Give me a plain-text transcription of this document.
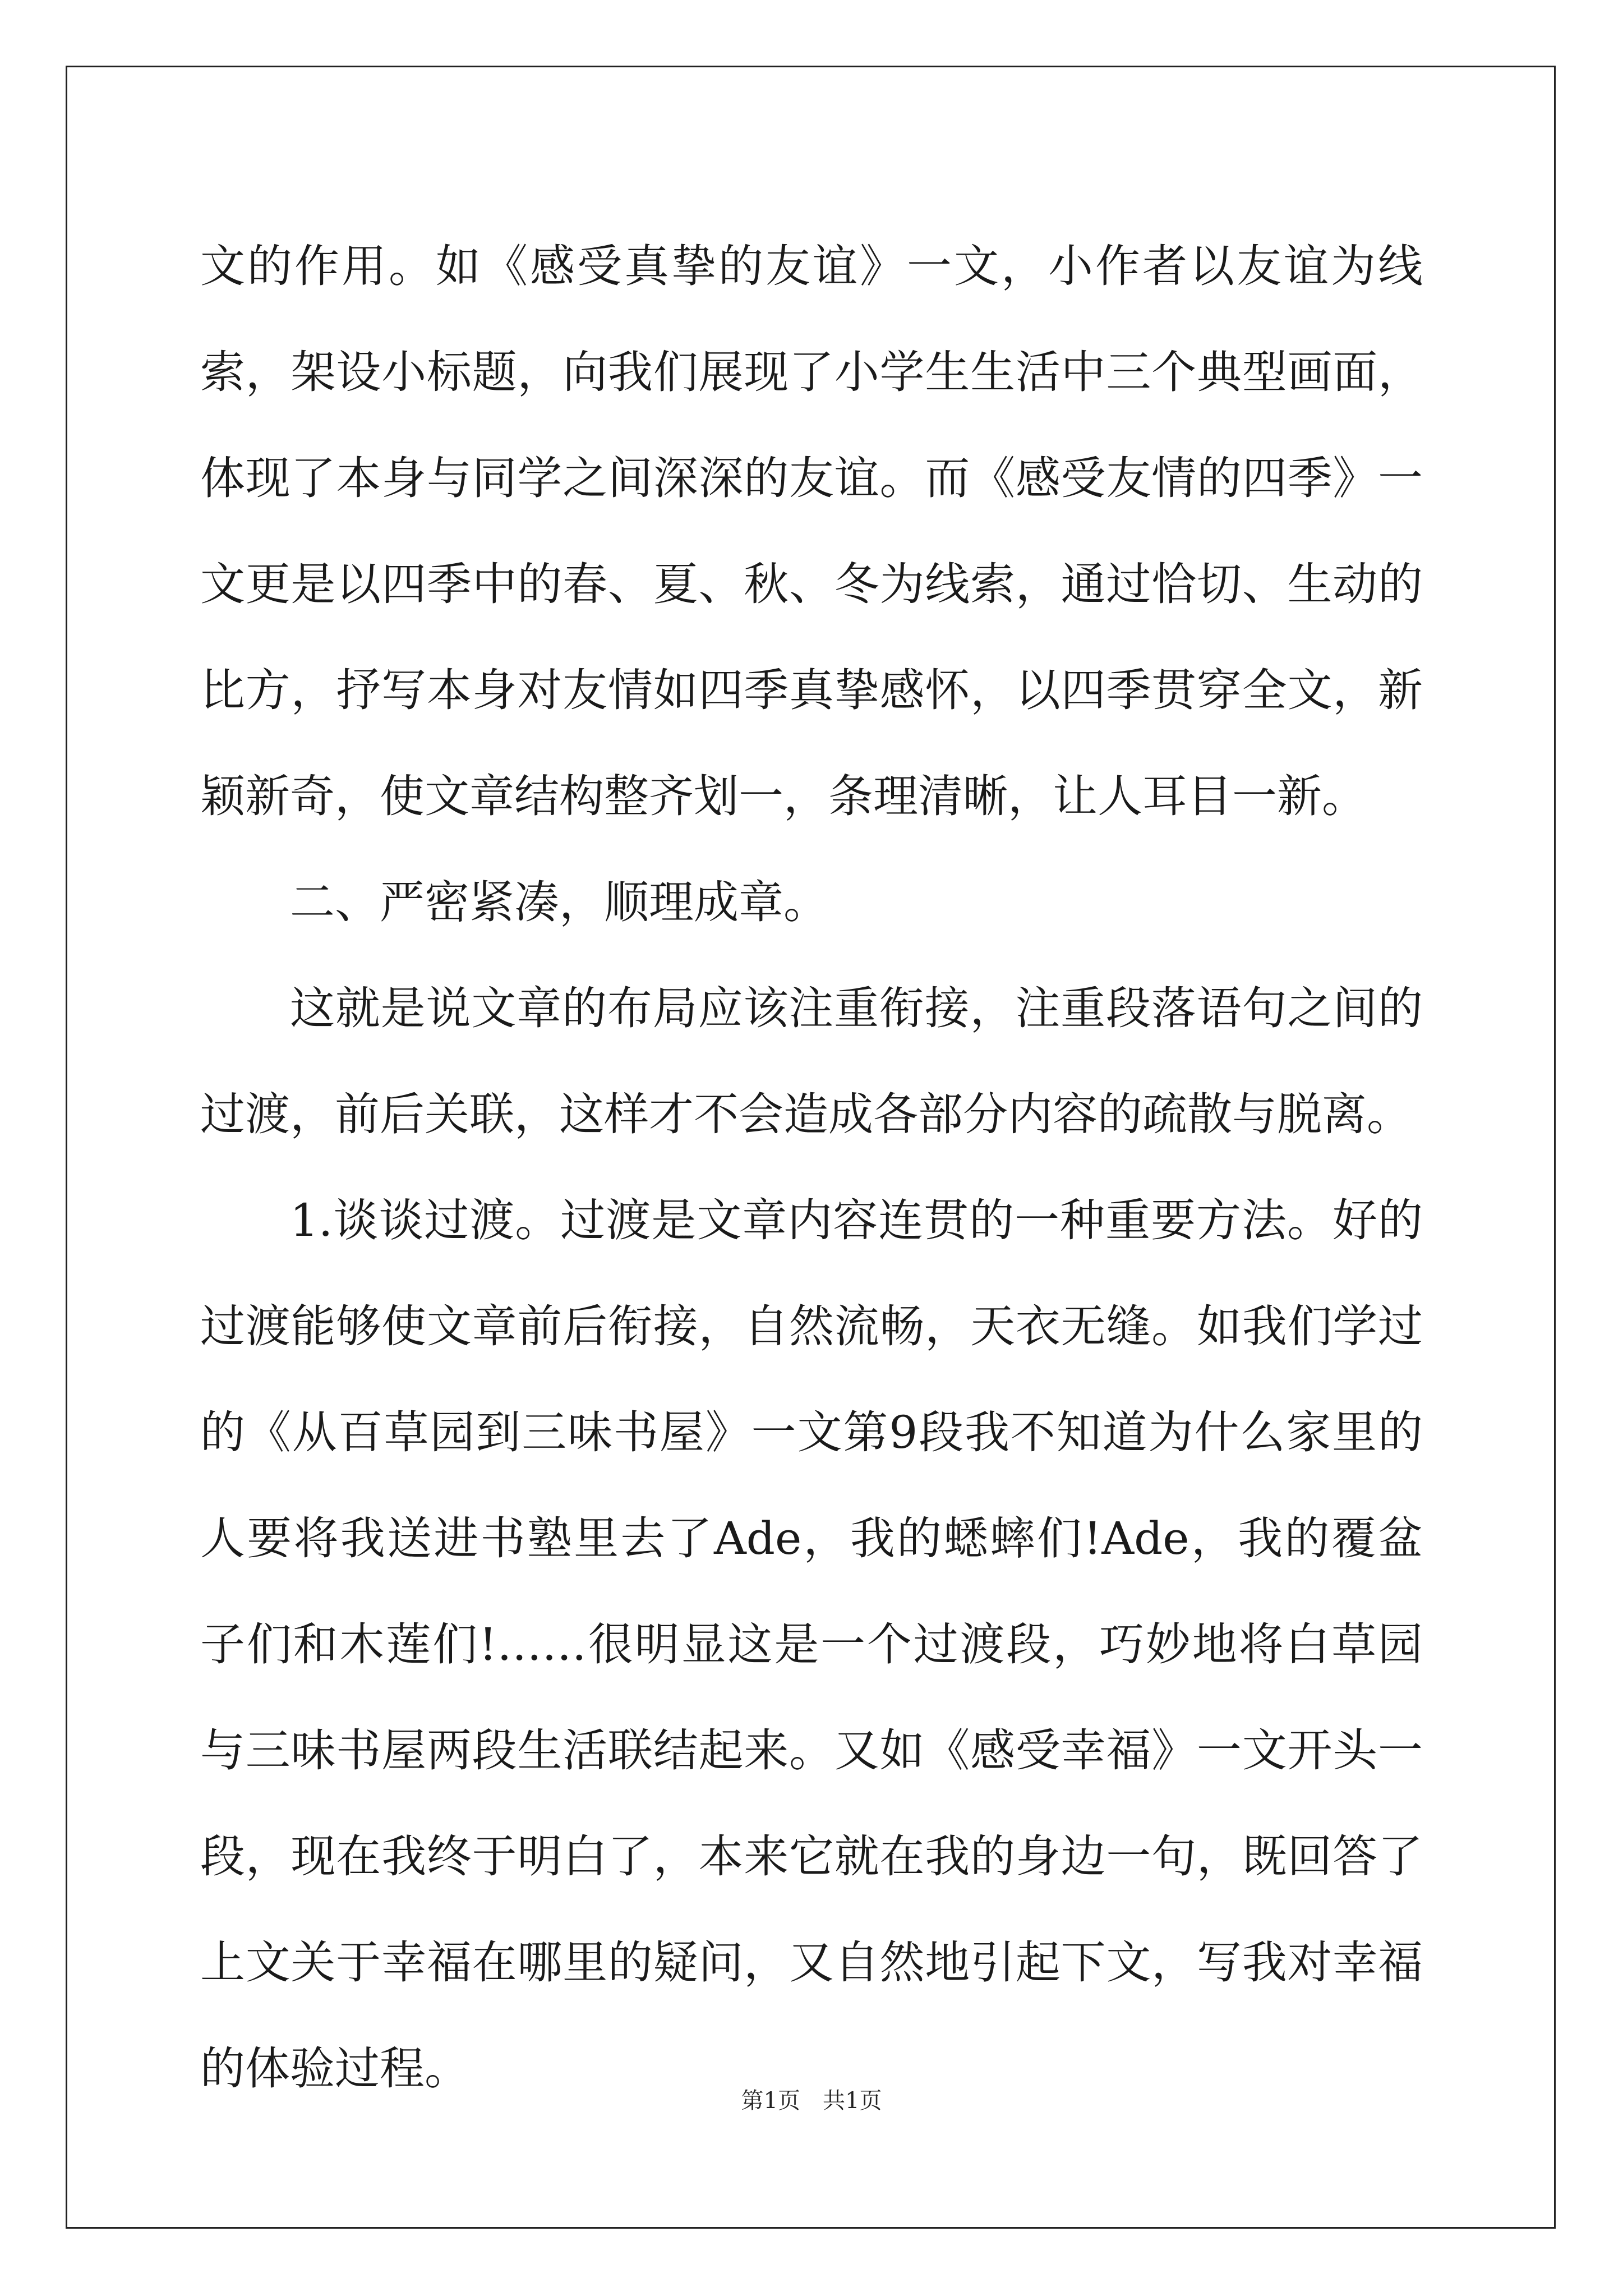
文的作用。如《感受真挚的友谊》一文，小作者以友谊为线索，架设小标题，向我们展现了小学生生活中三个典型画面，体现了本身与同学之间深深的友谊。而《感受友情的四季》一文更是以四季中的春、夏、秋、冬为线索，通过恰切、生动的比方，抒写本身对友情如四季真挚感怀，以四季贯穿全文，新颖新奇，使文章结构整齐划一，条理清晰，让人耳目一新。

二、严密紧凑，顺理成章。

这就是说文章的布局应该注重衔接，注重段落语句之间的过渡，前后关联，这样才不会造成各部分内容的疏散与脱离。

1.谈谈过渡。过渡是文章内容连贯的一种重要方法。好的过渡能够使文章前后衔接，自然流畅，天衣无缝。如我们学过的《从百草园到三味书屋》一文第9段我不知道为什么家里的人要将我送进书塾里去了Ade，我的蟋蟀们!Ade，我的覆盆子们和木莲们!……很明显这是一个过渡段，巧妙地将白草园与三味书屋两段生活联结起来。又如《感受幸福》一文开头一段，现在我终于明白了，本来它就在我的身边一句，既回答了上文关于幸福在哪里的疑问，又自然地引起下文，写我对幸福的体验过程。

第1页 共1页
